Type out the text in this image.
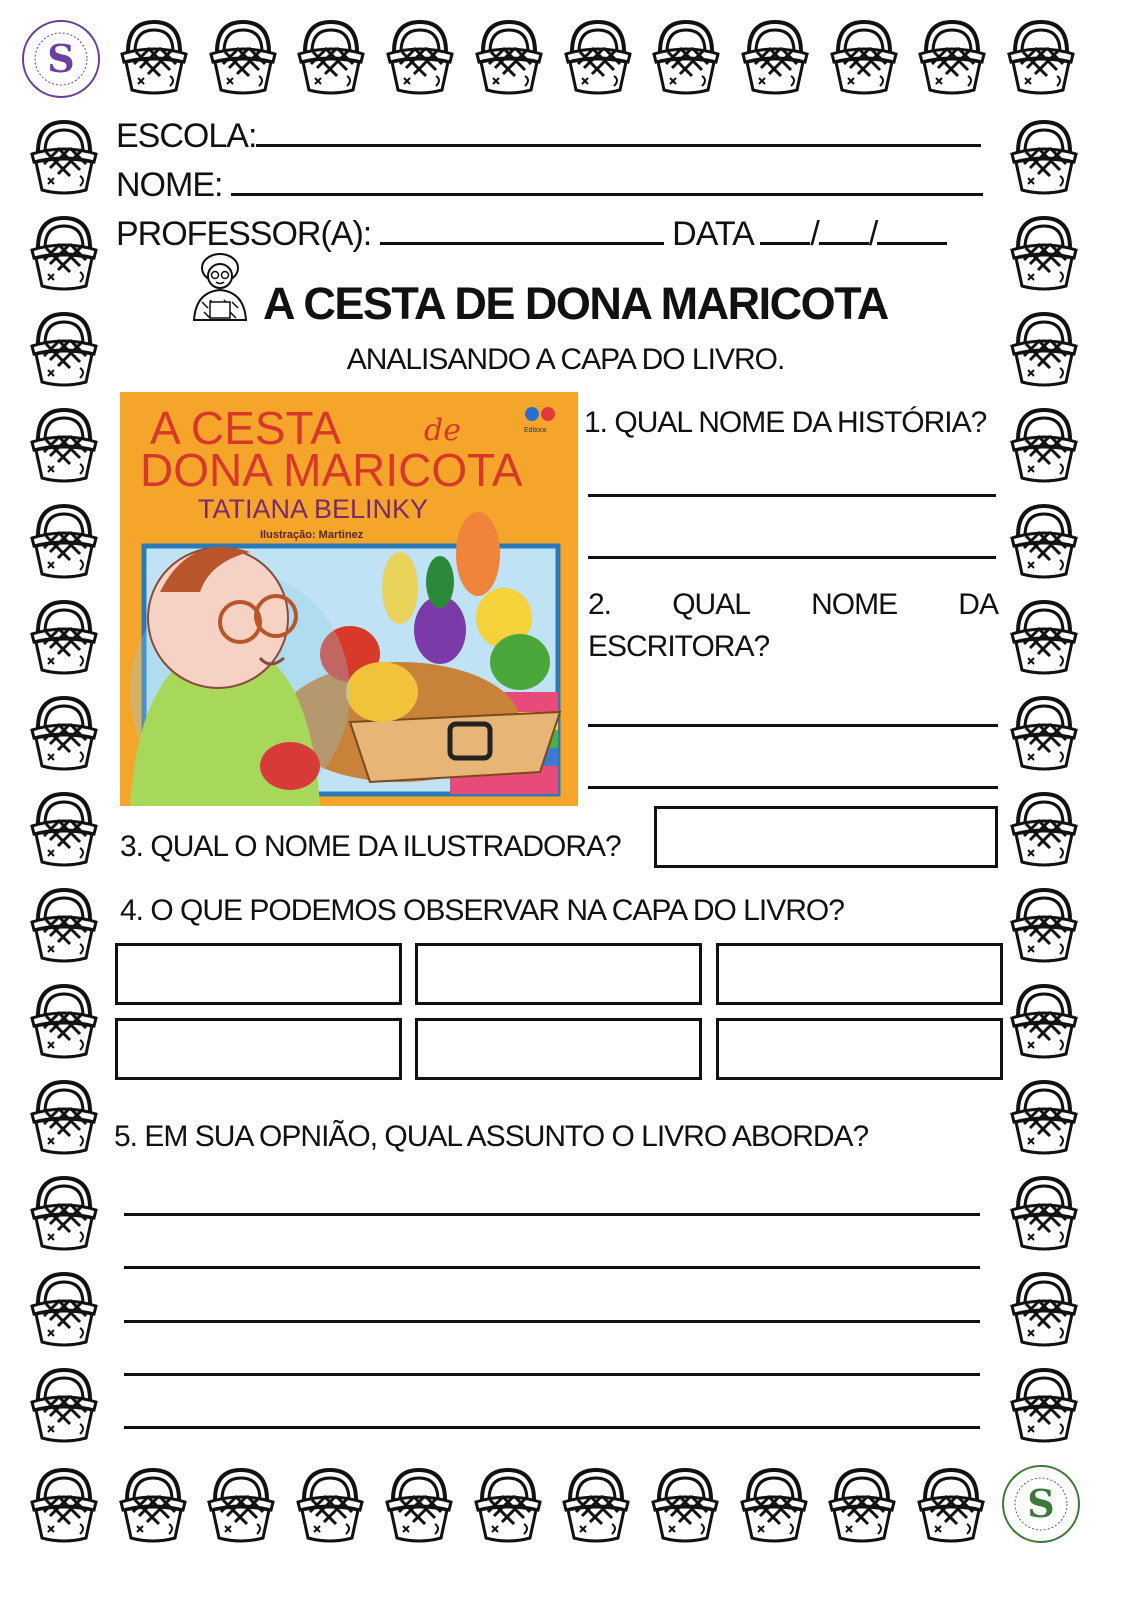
S
S
ESCOLA:
NOME:
PROFESSOR(A):	DATA / /
A CESTA DE DONA MARICOTA
ANALISANDO A CAPA DO LIVRO.
A CESTA	de
DONA MARICOTA
TATIANA BELINKY
Ilustração: Martinez
Editora 1. QUAL NOME DA HISTÓRIA?
2. QUAL NOME DA
ESCRITORA?
3. QUAL O NOME DA ILUSTRADORA?
4. O QUE PODEMOS OBSERVAR NA CAPA DO LIVRO?
5. EM SUA OPNIÃO, QUAL ASSUNTO O LIVRO ABORDA?
